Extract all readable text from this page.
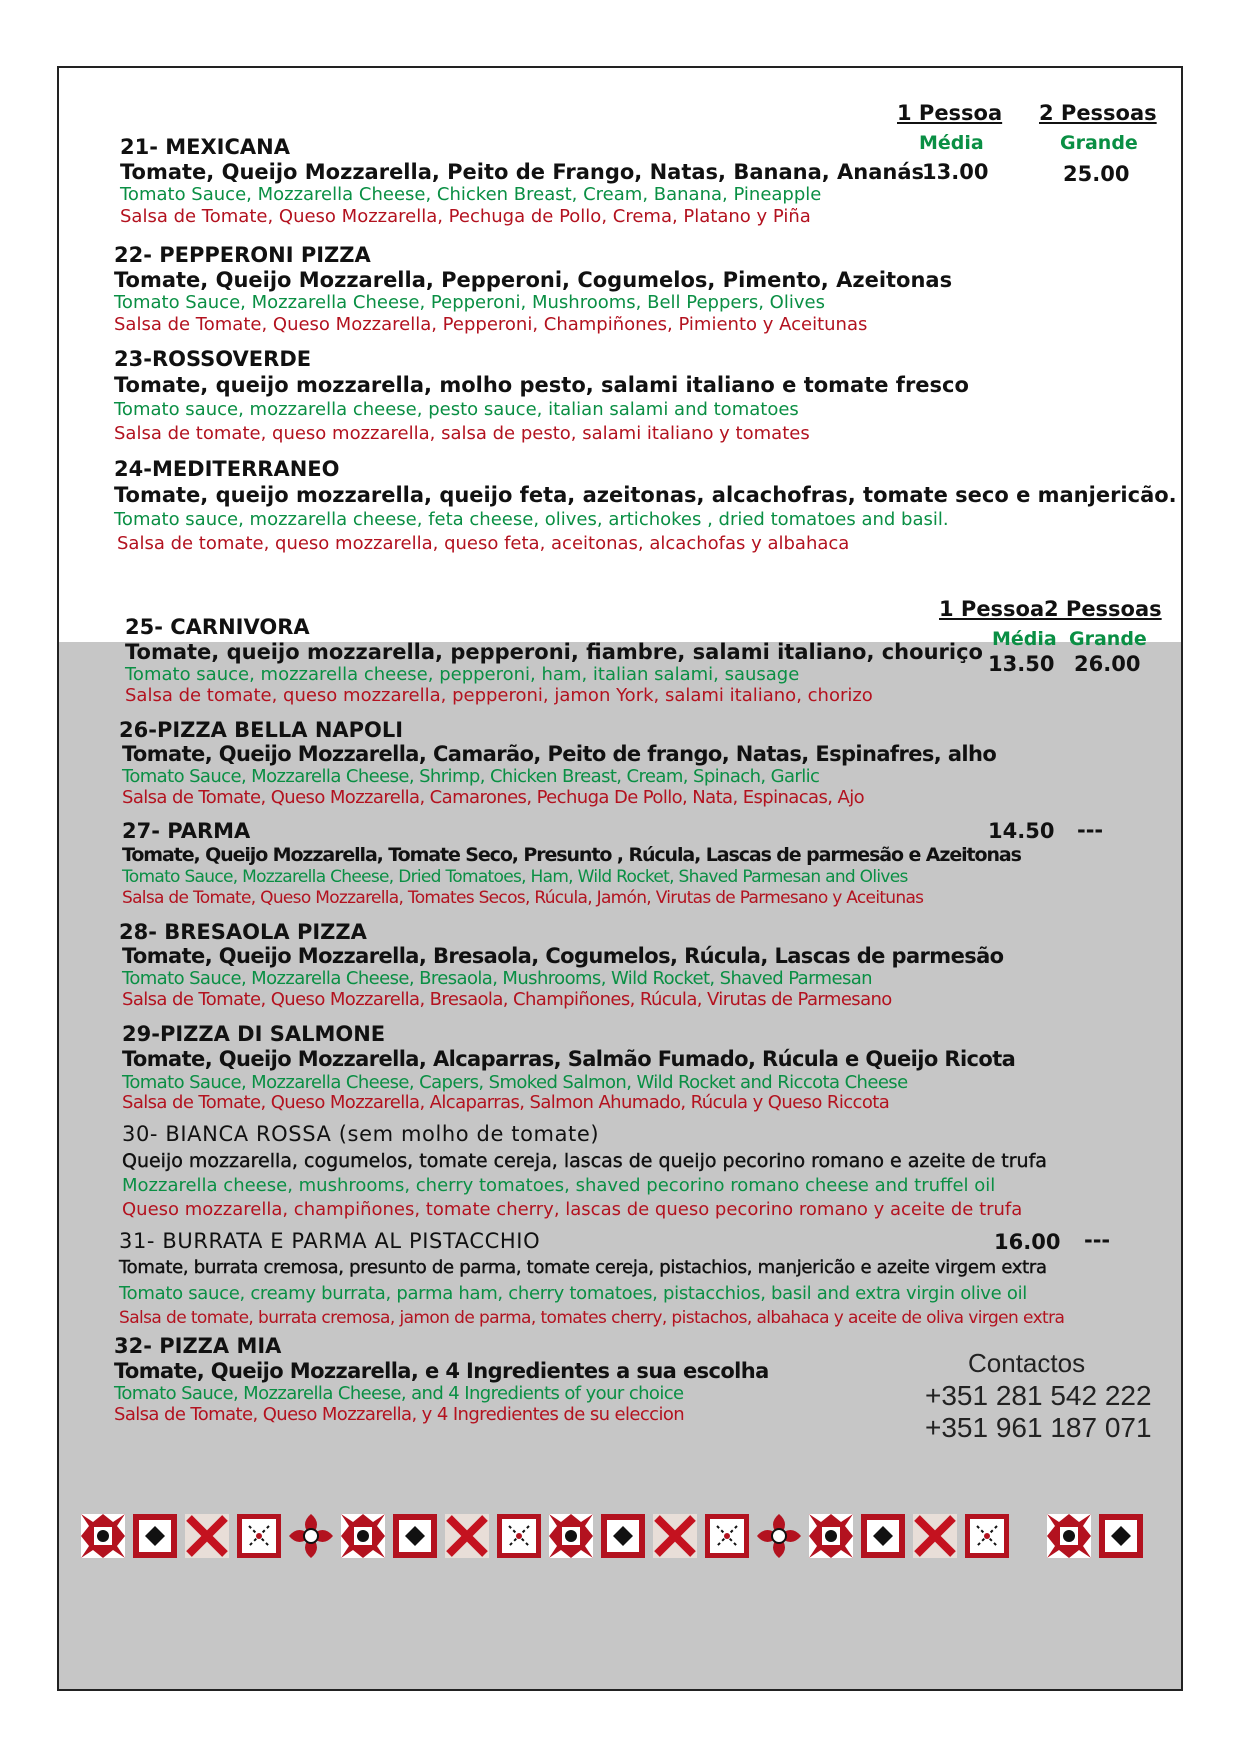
1 Pessoa 2 Pessoas
Média	Grande
21- MEXICANA
Tomate, Queijo Mozzarella, Peito de Frango, Natas, Banana, Ananás
Tomato Sauce, Mozzarella Cheese, Chicken Breast, Cream, Banana, Pineapple
Salsa de Tomate, Queso Mozzarella, Pechuga de Pollo, Crema, Platano y Piña
13.00	25.00
22- PEPPERONI PIZZA
Tomate, Queijo Mozzarella, Pepperoni, Cogumelos, Pimento, Azeitonas
Tomato Sauce, Mozzarella Cheese, Pepperoni, Mushrooms, Bell Peppers, Olives
Salsa de Tomate, Queso Mozzarella, Pepperoni, Champiñones, Pimiento y Aceitunas
23-ROSSOVERDE
Tomate, queijo mozzarella, molho pesto, salami italiano e tomate fresco
Tomato sauce, mozzarella cheese, pesto sauce, italian salami and tomatoes
Salsa de tomate, queso mozzarella, salsa de pesto, salami italiano y tomates
24-MEDITERRANEO
Tomate, queijo mozzarella, queijo feta, azeitonas, alcachofras, tomate seco e manjericão.
Tomato sauce, mozzarella cheese, feta cheese, olives, artichokes , dried tomatoes and basil.
Salsa de tomate, queso mozzarella, queso feta, aceitonas, alcachofas y albahaca
1 Pessoa 2 Pessoas
Média Grande
13.50 26.00
25- CARNIVORA
Tomate, queijo mozzarella, pepperoni, fiambre, salami italiano, chouriço
Tomato sauce, mozzarella cheese, pepperoni, ham, italian salami, sausage
Salsa de tomate, queso mozzarella, pepperoni, jamon York, salami italiano, chorizo
26-PIZZA BELLA NAPOLI
Tomate, Queijo Mozzarella, Camarão, Peito de frango, Natas, Espinafres, alho
Tomato Sauce, Mozzarella Cheese, Shrimp, Chicken Breast, Cream, Spinach, Garlic
Salsa de Tomate, Queso Mozzarella, Camarones, Pechuga De Pollo, Nata, Espinacas, Ajo
27- PARMA
Tomate, Queijo Mozzarella, Tomate Seco, Presunto , Rúcula, Lascas de parmesão e Azeitonas
Tomato Sauce, Mozzarella Cheese, Dried Tomatoes, Ham, Wild Rocket, Shaved Parmesan and Olives
Salsa de Tomate, Queso Mozzarella, Tomates Secos, Rúcula, Jamón, Virutas de Parmesano y Aceitunas
14.50 ---
28- BRESAOLA PIZZA
Tomate, Queijo Mozzarella, Bresaola, Cogumelos, Rúcula, Lascas de parmesão
Tomato Sauce, Mozzarella Cheese, Bresaola, Mushrooms, Wild Rocket, Shaved Parmesan
Salsa de Tomate, Queso Mozzarella, Bresaola, Champiñones, Rúcula, Virutas de Parmesano
29-PIZZA DI SALMONE
Tomate, Queijo Mozzarella, Alcaparras, Salmão Fumado, Rúcula e Queijo Ricota
Tomato Sauce, Mozzarella Cheese, Capers, Smoked Salmon, Wild Rocket and Riccota Cheese
Salsa de Tomate, Queso Mozzarella, Alcaparras, Salmon Ahumado, Rúcula y Queso Riccota
30- BIANCA ROSSA (sem molho de tomate)
Queijo mozzarella, cogumelos, tomate cereja, lascas de queijo pecorino romano e azeite de trufa
Mozzarella cheese, mushrooms, cherry tomatoes, shaved pecorino romano cheese and truffel oil
Queso mozzarella, champiñones, tomate cherry, lascas de queso pecorino romano y aceite de trufa
31- BURRATA E PARMA AL PISTACCHIO
Tomate, burrata cremosa, presunto de parma, tomate cereja, pistachios, manjericão e azeite virgem extra
Tomato sauce, creamy burrata, parma ham, cherry tomatoes, pistacchios, basil and extra virgin olive oil
Salsa de tomate, burrata cremosa, jamon de parma, tomates cherry, pistachos, albahaca y aceite de oliva virgen extra
16.00 ---
32- PIZZA MIA
Tomate, Queijo Mozzarella, e 4 Ingredientes a sua escolha
Tomato Sauce, Mozzarella Cheese, and 4 Ingredients of your choice
Salsa de Tomate, Queso Mozzarella, y 4 Ingredientes de su eleccion
Contactos
+351 281 542 222
+351 961 187 071
